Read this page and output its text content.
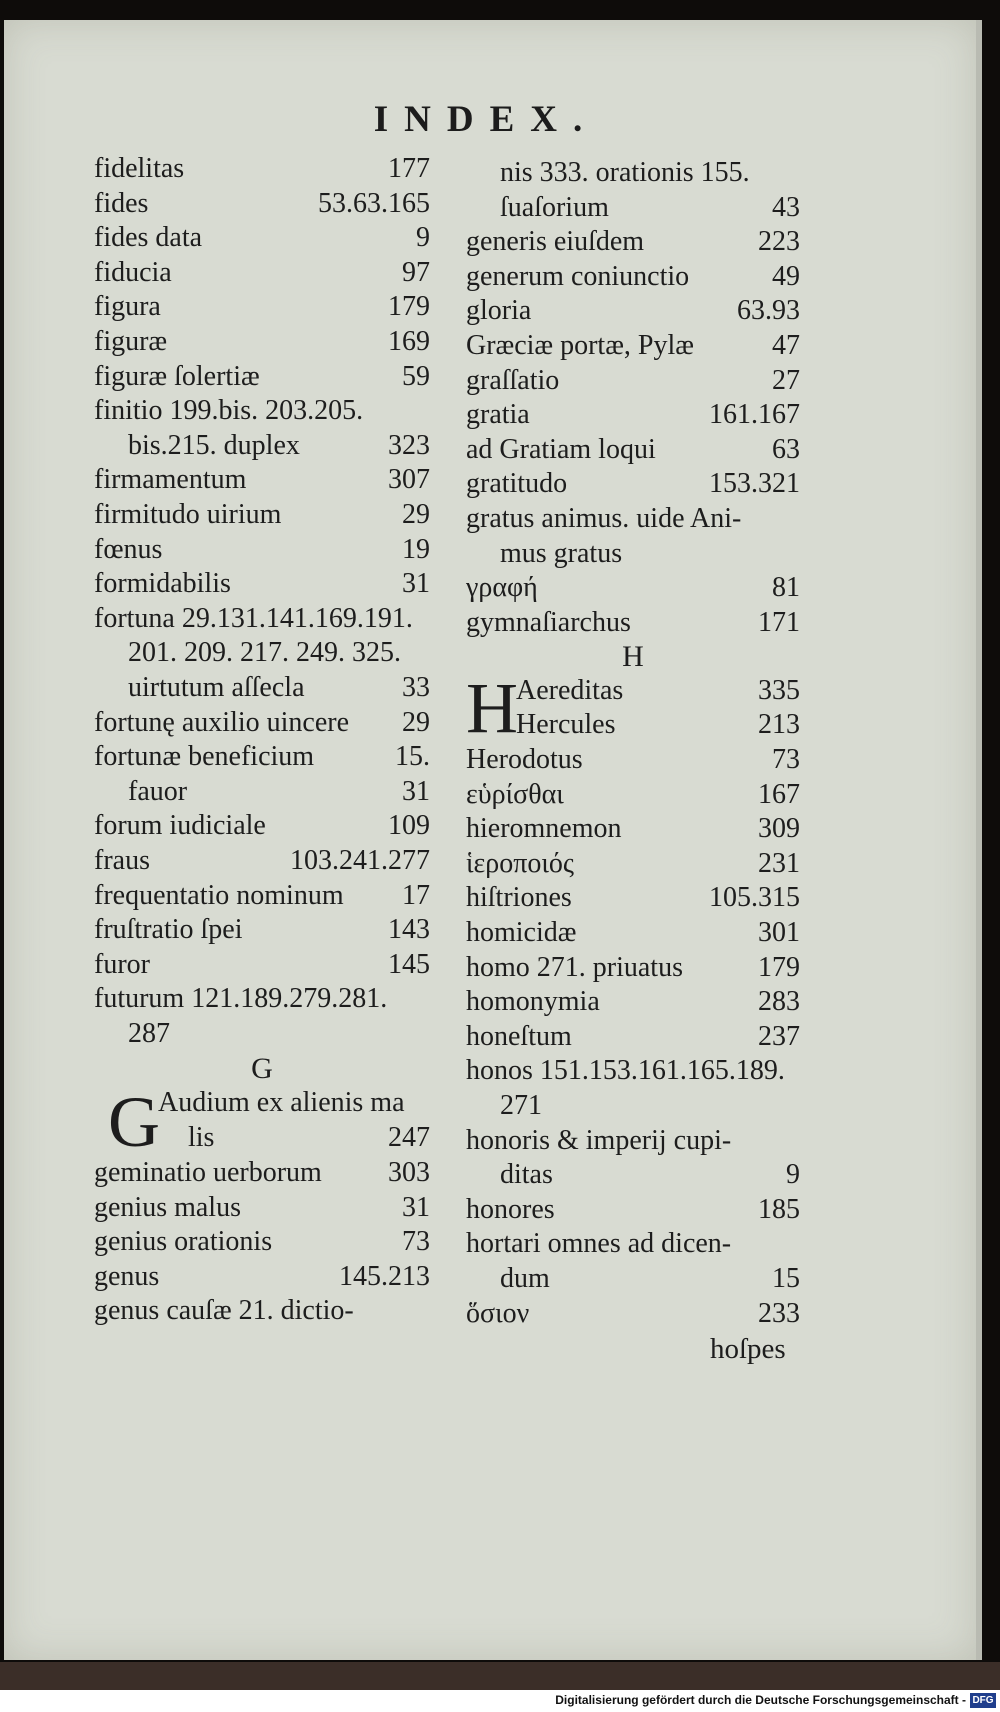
INDEX.
fidelitas	177
fides	53.63.165
fides data	9
fiducia	97
figura	179
figuræ	169
figuræ ſolertiæ	59
finitio 199.bis. 203.205.
bis.215. duplex	323
firmamentum	307
firmitudo uirium	29
fœnus	19
formidabilis	31
fortuna 29.131.141.169.191.
201. 209. 217. 249. 325.
uirtutum aſſecla	33
fortunę auxilio uincere 29
fortunæ beneficium	15.
fauor	31
forum iudiciale	109
fraus	103.241.277
frequentatio nominum 17
fruſtratio ſpei	143
furor	145
futurum 121.189.279.281.
287
G
G
Audium ex alienis ma
lis	247
geminatio uerborum 303
genius malus	31
genius orationis	73
genus	145.213
genus cauſæ 21. dictio-
nis 333. orationis 155.
ſuaſorium	43
generis eiuſdem	223
generum coniunctio	49
gloria	63.93
Græciæ portæ, Pylæ	47
graſſatio	27
gratia	161.167
ad Gratiam loqui	63
gratitudo	153.321
gratus animus. uide Ani-
mus gratus
γραφή	81
gymnaſiarchus	171
H
H
Aereditas	335
Hercules	213
Herodotus	73
εὑρίσθαι	167
hieromnemon	309
ἱεροποιός	231
hiſtriones	105.315
homicidæ	301
homo 271. priuatus	179
homonymia	283
honeſtum	237
honos 151.153.161.165.189.
271
honoris & imperij cupi-
ditas	9
honores	185
hortari omnes ad dicen-
dum	15
ὅσιον	233
hoſpes
Digitalisierung gefördert durch die Deutsche Forschungsgemeinschaft - DFG
